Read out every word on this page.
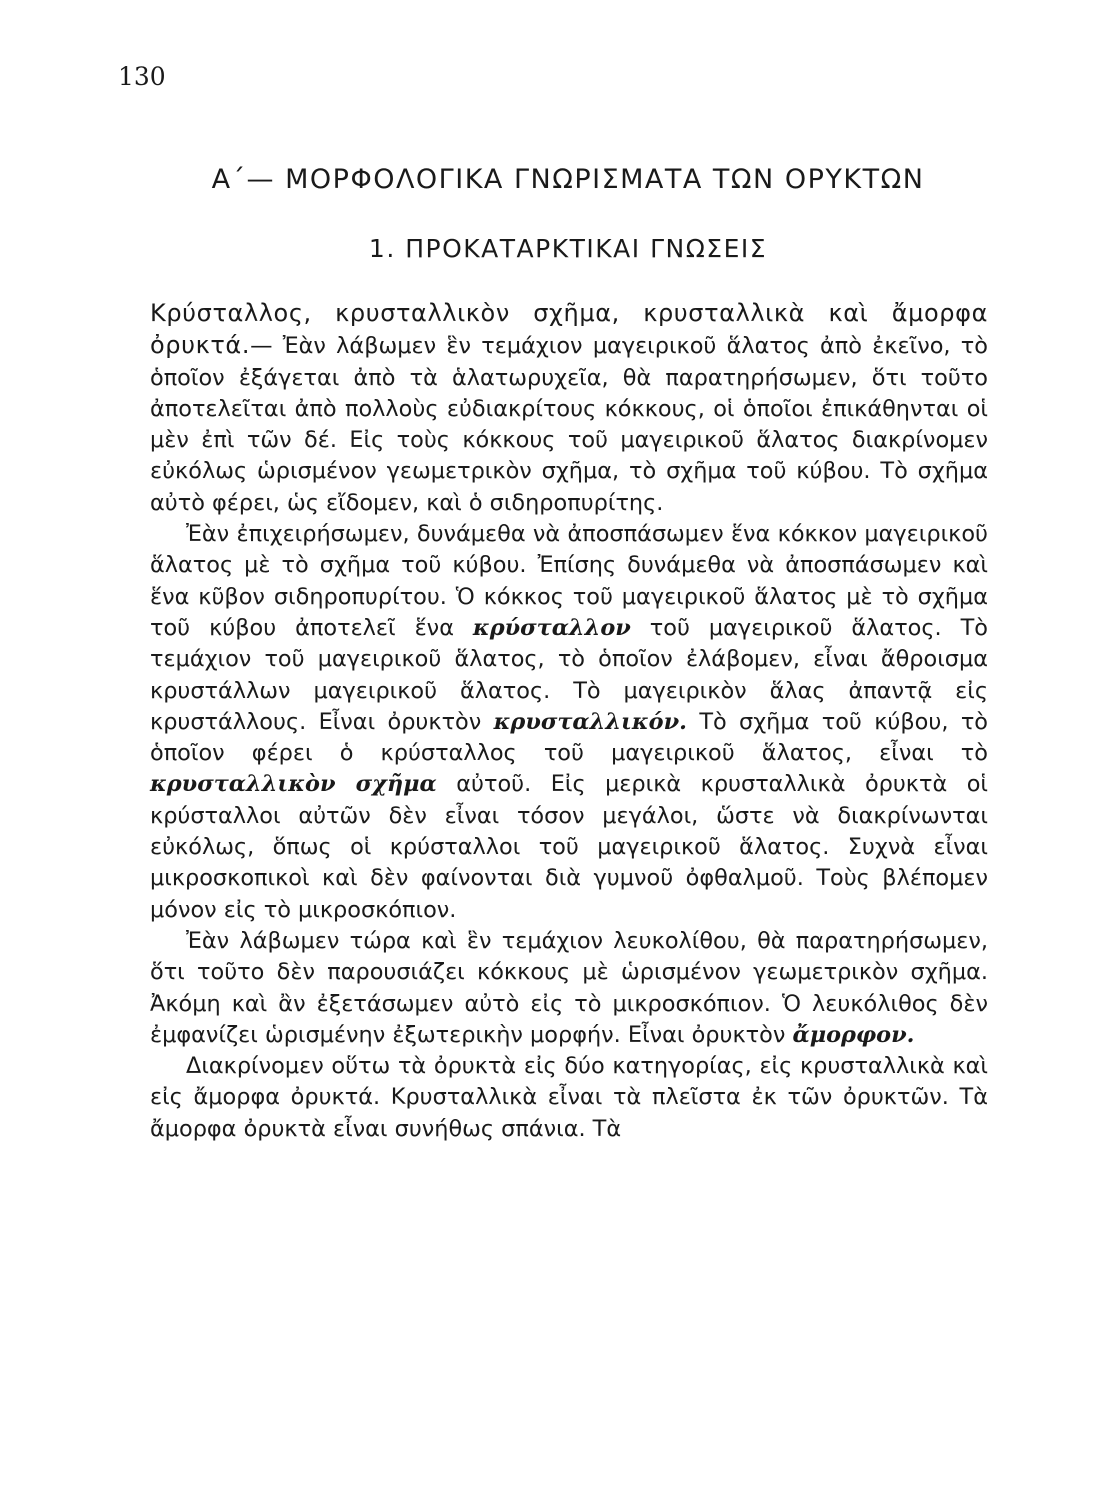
130
Α΄— ΜΟΡΦΟΛΟΓΙΚΑ ΓΝΩΡΙΣΜΑΤΑ ΤΩΝ ΟΡΥΚΤΩΝ
1. ΠΡΟΚΑΤΑΡΚΤΙΚΑΙ ΓΝΩΣΕΙΣ

Κρύσταλλος, κρυσταλλικὸν σχῆμα, κρυσταλλικὰ καὶ ἄμορφα ὀρυκτά.— Ἐὰν λάβωμεν ἓν τεμάχιον μαγειρικοῦ ἅλατος ἀπὸ ἐκεῖνο, τὸ ὁποῖον ἐξάγεται ἀπὸ τὰ ἁλατωρυχεῖα, θὰ παρατηρήσωμεν, ὅτι τοῦτο ἀποτελεῖται ἀπὸ πολλοὺς εὐδιακρίτους κόκκους, οἱ ὁποῖοι ἐπικάθηνται οἱ μὲν ἐπὶ τῶν δέ. Εἰς τοὺς κόκκους τοῦ μαγειρικοῦ ἅλατος διακρίνομεν εὐκόλως ὡρισμένον γεωμετρικὸν σχῆμα, τὸ σχῆμα τοῦ κύβου. Τὸ σχῆμα αὐτὸ φέρει, ὡς εἴδομεν, καὶ ὁ σιδηροπυρίτης.

Ἐὰν ἐπιχειρήσωμεν, δυνάμεθα νὰ ἀποσπάσωμεν ἕνα κόκκον μαγειρικοῦ ἅλατος μὲ τὸ σχῆμα τοῦ κύβου. Ἐπίσης δυνάμεθα νὰ ἀποσπάσωμεν καὶ ἕνα κῦβον σιδηροπυρίτου. Ὁ κόκκος τοῦ μαγειρικοῦ ἅλατος μὲ τὸ σχῆμα τοῦ κύβου ἀποτελεῖ ἕνα κρύσταλλον τοῦ μαγειρικοῦ ἅλατος. Τὸ τεμάχιον τοῦ μαγειρικοῦ ἅλατος, τὸ ὁποῖον ἐλάβομεν, εἶναι ἄθροισμα κρυστάλλων μαγειρικοῦ ἅλατος. Τὸ μαγειρικὸν ἅλας ἀπαντᾷ εἰς κρυστάλλους. Εἶναι ὀρυκτὸν κρυσταλλικόν. Τὸ σχῆμα τοῦ κύβου, τὸ ὁποῖον φέρει ὁ κρύσταλλος τοῦ μαγειρικοῦ ἅλατος, εἶναι τὸ κρυσταλλικὸν σχῆμα αὐτοῦ. Εἰς μερικὰ κρυσταλλικὰ ὀρυκτὰ οἱ κρύσταλλοι αὐτῶν δὲν εἶναι τόσον μεγάλοι, ὥστε νὰ διακρίνωνται εὐκόλως, ὅπως οἱ κρύσταλλοι τοῦ μαγειρικοῦ ἅλατος. Συχνὰ εἶναι μικροσκοπικοὶ καὶ δὲν φαίνονται διὰ γυμνοῦ ὀφθαλμοῦ. Τοὺς βλέπομεν μόνον εἰς τὸ μικροσκόπιον.

Ἐὰν λάβωμεν τώρα καὶ ἓν τεμάχιον λευκολίθου, θὰ παρατηρήσωμεν, ὅτι τοῦτο δὲν παρουσιάζει κόκκους μὲ ὡρισμένον γεωμετρικὸν σχῆμα. Ἀκόμη καὶ ἂν ἐξετάσωμεν αὐτὸ εἰς τὸ μικροσκόπιον. Ὁ λευκόλιθος δὲν ἐμφανίζει ὡρισμένην ἐξωτερικὴν μορφήν. Εἶναι ὀρυκτὸν ἄμορφον.

Διακρίνομεν οὕτω τὰ ὀρυκτὰ εἰς δύο κατηγορίας, εἰς κρυσταλλικὰ καὶ εἰς ἄμορφα ὀρυκτά. Κρυσταλλικὰ εἶναι τὰ πλεῖστα ἐκ τῶν ὀρυκτῶν. Τὰ ἄμορφα ὀρυκτὰ εἶναι συνήθως σπάνια. Τὰ
